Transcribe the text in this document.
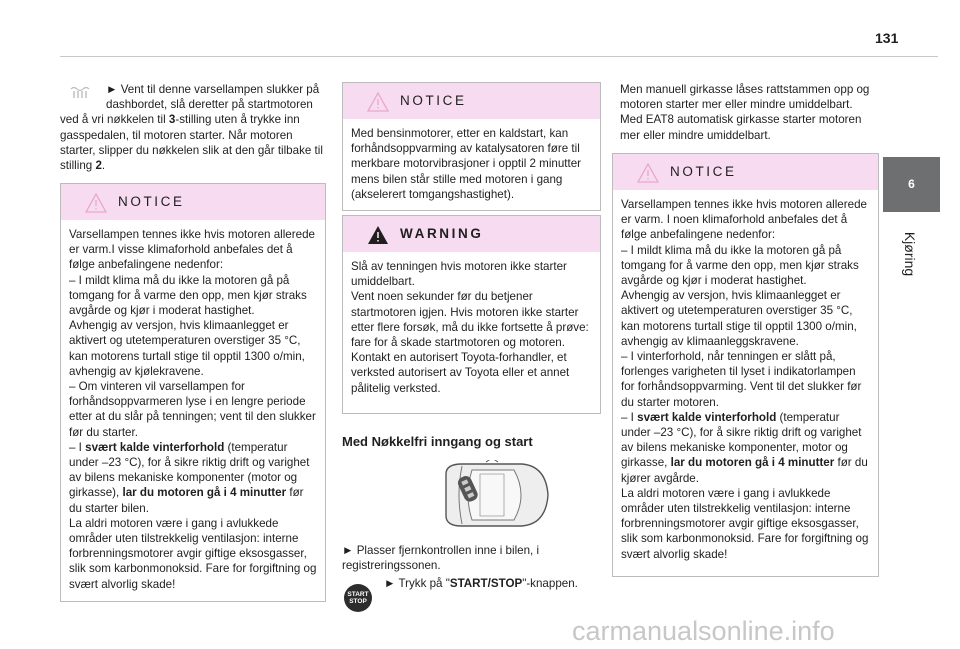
131
6
Kjøring

► Vent til denne varsellampen slukker på

dashbordet, slå deretter på startmotoren ved å vri nøkkelen til 3-stilling uten å trykke inn gasspedalen, til motoren starter. Når motoren starter, slipper du nøkkelen slik at den går tilbake til stilling 2.

NOTICE

Varsellampen tennes ikke hvis motoren allerede er varm.I visse klimaforhold anbefales det å følge anbefalingene nedenfor:

– I mildt klima må du ikke la motoren gå på tomgang for å varme den opp, men kjør straks avgårde og kjør i moderat hastighet.

Avhengig av versjon, hvis klimaanlegget er aktivert og utetemperaturen overstiger 35 °C, kan motorens turtall stige til opptil 1300 o/min, avhengig av kjølekravene.

– Om vinteren vil varsellampen for forhåndsoppvarmeren lyse i en lengre periode etter at du slår på tenningen; vent til den slukker før du starter.

– I svært kalde vinterforhold (temperatur under –23 °C), for å sikre riktig drift og varighet av bilens mekaniske komponenter (motor og girkasse), lar du motoren gå i 4 minutter før du starter bilen.

La aldri motoren være i gang i avlukkede områder uten tilstrekkelig ventilasjon: interne forbrenningsmotorer avgir giftige eksosgasser, slik som karbonmonoksid. Fare for forgiftning og svært alvorlig skade!

NOTICE

Med bensinmotorer, etter en kaldstart, kan forhåndsoppvarming av katalysatoren føre til merkbare motorvibrasjoner i opptil 2 minutter mens bilen står stille med motoren i gang (akselerert tomgangshastighet).

WARNING

Slå av tenningen hvis motoren ikke starter umiddelbart.

Vent noen sekunder før du betjener startmotoren igjen. Hvis motoren ikke starter etter flere forsøk, må du ikke fortsette å prøve: fare for å skade startmotoren og motoren.

Kontakt en autorisert Toyota-forhandler, et verksted autorisert av Toyota eller et annet pålitelig verksted.

Med Nøkkelfri inngang og start
► Plasser fjernkontrollen inne i bilen, i registreringssonen.
START
STOP
► Trykk på "START/STOP"-knappen.

Men manuell girkasse låses rattstammen opp og motoren starter mer eller mindre umiddelbart.

Med EAT8 automatisk girkasse starter motoren mer eller mindre umiddelbart.

NOTICE

Varsellampen tennes ikke hvis motoren allerede er varm. I noen klimaforhold anbefales det å følge anbefalingene nedenfor:

– I mildt klima må du ikke la motoren gå på tomgang for å varme den opp, men kjør straks avgårde og kjør i moderat hastighet.

Avhengig av versjon, hvis klimaanlegget er aktivert og utetemperaturen overstiger 35 °C, kan motorens turtall stige til opptil 1300 o/min, avhengig av klimaanleggskravene.

– I vinterforhold, når tenningen er slått på, forlenges varigheten til lyset i indikatorlampen for forhåndsoppvarming. Vent til det slukker før du starter motoren.

– I svært kalde vinterforhold (temperatur under –23 °C), for å sikre riktig drift og varighet av bilens mekaniske komponenter, motor og girkasse, lar du motoren gå i 4 minutter før du kjører avgårde.

La aldri motoren være i gang i avlukkede områder uten tilstrekkelig ventilasjon: interne forbrenningsmotorer avgir giftige eksosgasser, slik som karbonmonoksid. Fare for forgiftning og svært alvorlig skade!

carmanualsonline.info
